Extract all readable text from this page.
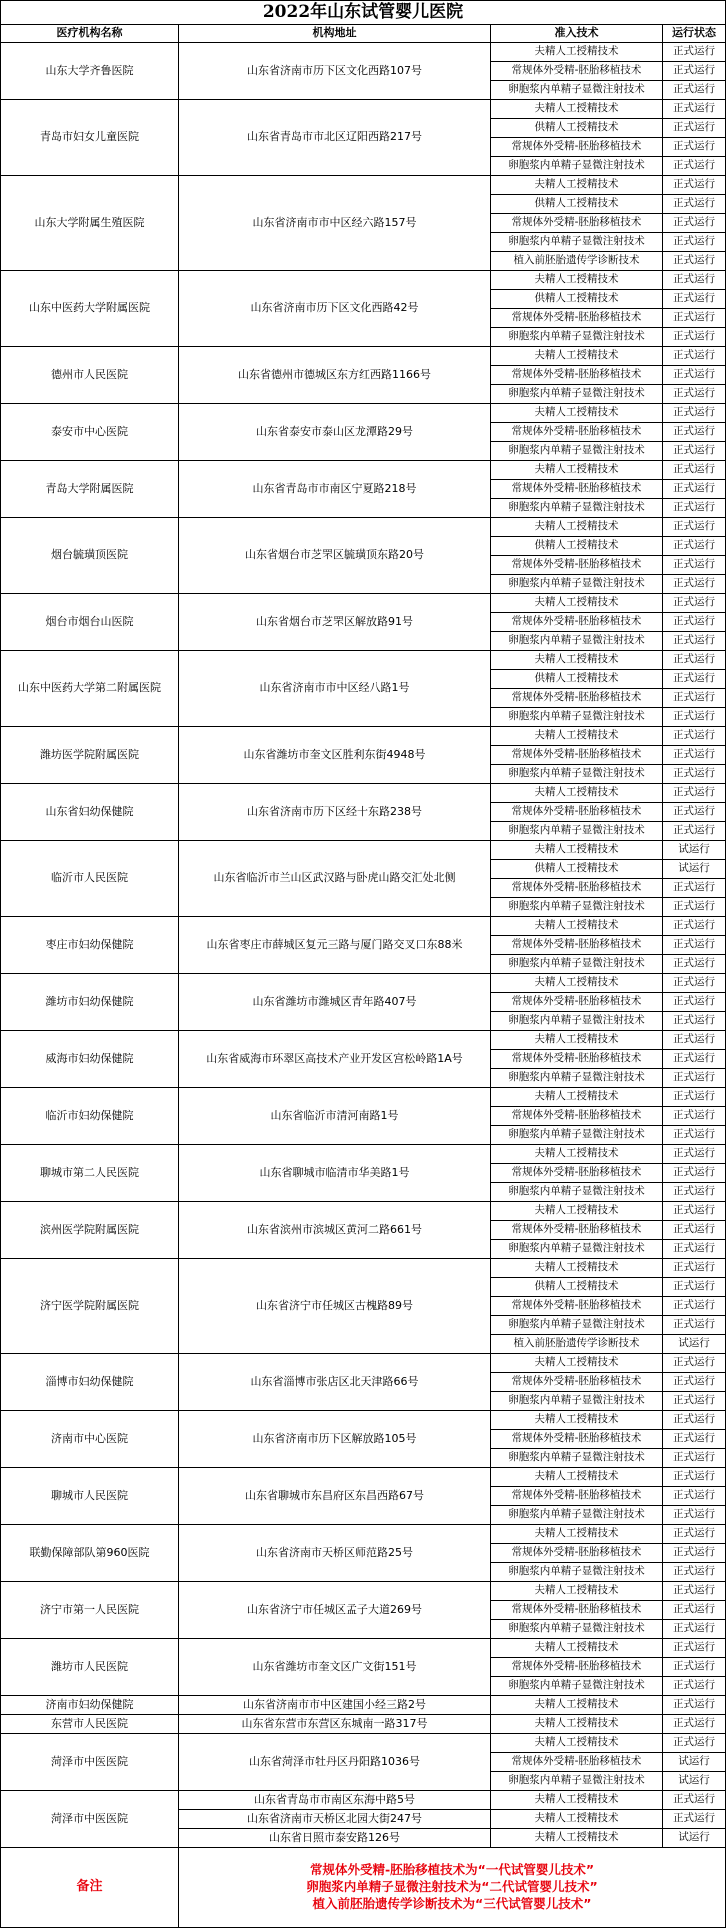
2022年山东试管婴儿医院			
医疗机构名称	机构地址	准入技术	运行状态
山东大学齐鲁医院	山东省济南市历下区文化西路107号	夫精人工授精技术	正式运行
		常规体外受精-胚胎移植技术	正式运行
		卵胞浆内单精子显微注射技术	正式运行
青岛市妇女儿童医院	山东省青岛市市北区辽阳西路217号	夫精人工授精技术	正式运行
		供精人工授精技术	正式运行
		常规体外受精-胚胎移植技术	正式运行
		卵胞浆内单精子显微注射技术	正式运行
山东大学附属生殖医院	山东省济南市市中区经六路157号	夫精人工授精技术	正式运行
		供精人工授精技术	正式运行
		常规体外受精-胚胎移植技术	正式运行
		卵胞浆内单精子显微注射技术	正式运行
		植入前胚胎遗传学诊断技术	正式运行
山东中医药大学附属医院	山东省济南市历下区文化西路42号	夫精人工授精技术	正式运行
		供精人工授精技术	正式运行
		常规体外受精-胚胎移植技术	正式运行
		卵胞浆内单精子显微注射技术	正式运行
德州市人民医院	山东省德州市德城区东方红西路1166号	夫精人工授精技术	正式运行
		常规体外受精-胚胎移植技术	正式运行
		卵胞浆内单精子显微注射技术	正式运行
泰安市中心医院	山东省泰安市泰山区龙潭路29号	夫精人工授精技术	正式运行
		常规体外受精-胚胎移植技术	正式运行
		卵胞浆内单精子显微注射技术	正式运行
青岛大学附属医院	山东省青岛市市南区宁夏路218号	夫精人工授精技术	正式运行
		常规体外受精-胚胎移植技术	正式运行
		卵胞浆内单精子显微注射技术	正式运行
烟台毓璜顶医院	山东省烟台市芝罘区毓璜顶东路20号	夫精人工授精技术	正式运行
		供精人工授精技术	正式运行
		常规体外受精-胚胎移植技术	正式运行
		卵胞浆内单精子显微注射技术	正式运行
烟台市烟台山医院	山东省烟台市芝罘区解放路91号	夫精人工授精技术	正式运行
		常规体外受精-胚胎移植技术	正式运行
		卵胞浆内单精子显微注射技术	正式运行
山东中医药大学第二附属医院	山东省济南市市中区经八路1号	夫精人工授精技术	正式运行
		供精人工授精技术	正式运行
		常规体外受精-胚胎移植技术	正式运行
		卵胞浆内单精子显微注射技术	正式运行
潍坊医学院附属医院	山东省潍坊市奎文区胜利东街4948号	夫精人工授精技术	正式运行
		常规体外受精-胚胎移植技术	正式运行
		卵胞浆内单精子显微注射技术	正式运行
山东省妇幼保健院	山东省济南市历下区经十东路238号	夫精人工授精技术	正式运行
		常规体外受精-胚胎移植技术	正式运行
		卵胞浆内单精子显微注射技术	正式运行
临沂市人民医院	山东省临沂市兰山区武汉路与卧虎山路交汇处北侧	夫精人工授精技术	试运行
		供精人工授精技术	试运行
		常规体外受精-胚胎移植技术	正式运行
		卵胞浆内单精子显微注射技术	正式运行
枣庄市妇幼保健院	山东省枣庄市薛城区复元三路与厦门路交叉口东88米	夫精人工授精技术	正式运行
		常规体外受精-胚胎移植技术	正式运行
		卵胞浆内单精子显微注射技术	正式运行
潍坊市妇幼保健院	山东省潍坊市潍城区青年路407号	夫精人工授精技术	正式运行
		常规体外受精-胚胎移植技术	正式运行
		卵胞浆内单精子显微注射技术	正式运行
威海市妇幼保健院	山东省威海市环翠区高技术产业开发区宫松岭路1A号	夫精人工授精技术	正式运行
		常规体外受精-胚胎移植技术	正式运行
		卵胞浆内单精子显微注射技术	正式运行
临沂市妇幼保健院	山东省临沂市清河南路1号	夫精人工授精技术	正式运行
		常规体外受精-胚胎移植技术	正式运行
		卵胞浆内单精子显微注射技术	正式运行
聊城市第二人民医院	山东省聊城市临清市华美路1号	夫精人工授精技术	正式运行
		常规体外受精-胚胎移植技术	正式运行
		卵胞浆内单精子显微注射技术	正式运行
滨州医学院附属医院	山东省滨州市滨城区黄河二路661号	夫精人工授精技术	正式运行
		常规体外受精-胚胎移植技术	正式运行
		卵胞浆内单精子显微注射技术	正式运行
济宁医学院附属医院	山东省济宁市任城区古槐路89号	夫精人工授精技术	正式运行
		供精人工授精技术	正式运行
		常规体外受精-胚胎移植技术	正式运行
		卵胞浆内单精子显微注射技术	正式运行
		植入前胚胎遗传学诊断技术	试运行
淄博市妇幼保健院	山东省淄博市张店区北天津路66号	夫精人工授精技术	正式运行
		常规体外受精-胚胎移植技术	正式运行
		卵胞浆内单精子显微注射技术	正式运行
济南市中心医院	山东省济南市历下区解放路105号	夫精人工授精技术	正式运行
		常规体外受精-胚胎移植技术	正式运行
		卵胞浆内单精子显微注射技术	正式运行
聊城市人民医院	山东省聊城市东昌府区东昌西路67号	夫精人工授精技术	正式运行
		常规体外受精-胚胎移植技术	正式运行
		卵胞浆内单精子显微注射技术	正式运行
联勤保障部队第960医院	山东省济南市天桥区师范路25号	夫精人工授精技术	正式运行
		常规体外受精-胚胎移植技术	正式运行
		卵胞浆内单精子显微注射技术	正式运行
济宁市第一人民医院	山东省济宁市任城区孟子大道269号	夫精人工授精技术	正式运行
		常规体外受精-胚胎移植技术	正式运行
		卵胞浆内单精子显微注射技术	正式运行
潍坊市人民医院	山东省潍坊市奎文区广文街151号	夫精人工授精技术	正式运行
		常规体外受精-胚胎移植技术	正式运行
		卵胞浆内单精子显微注射技术	正式运行
济南市妇幼保健院	山东省济南市市中区建国小经三路2号	夫精人工授精技术	正式运行
东营市人民医院	山东省东营市东营区东城南一路317号	夫精人工授精技术	正式运行
菏泽市中医医院	山东省菏泽市牡丹区丹阳路1036号	夫精人工授精技术	正式运行
		常规体外受精-胚胎移植技术	试运行
		卵胞浆内单精子显微注射技术	试运行
菏泽市中医医院	山东省青岛市市南区东海中路5号	夫精人工授精技术	正式运行
	山东省济南市天桥区北园大街247号	夫精人工授精技术	正式运行
	山东省日照市泰安路126号	夫精人工授精技术	试运行
备注	常规体外受精-胚胎移植技术为“一代试管婴儿技术”
卵胞浆内单精子显微注射技术为“二代试管婴儿技术”
植入前胚胎遗传学诊断技术为“三代试管婴儿技术”		
